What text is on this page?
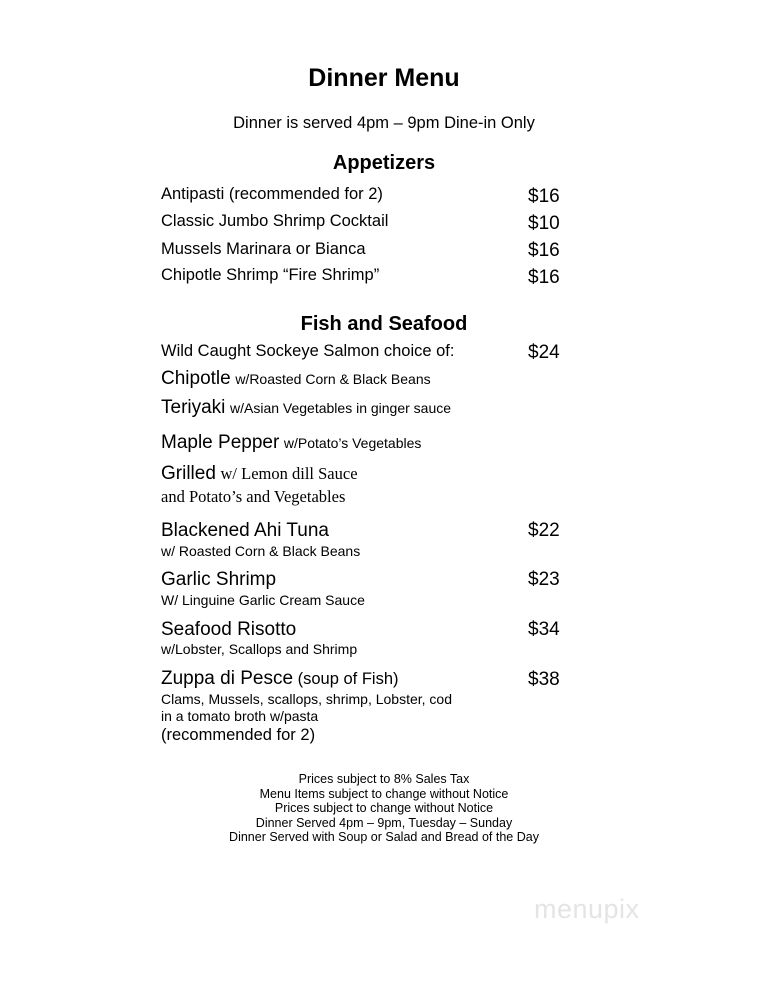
Dinner Menu
Dinner is served 4pm – 9pm Dine-in Only
Appetizers
Antipasti (recommended for 2)	$16
Classic Jumbo Shrimp Cocktail	$10
Mussels Marinara or Bianca	$16
Chipotle Shrimp “Fire Shrimp”	$16
Fish and Seafood
Wild Caught Sockeye Salmon choice of:	$24
Chipotle w/Roasted Corn & Black Beans
Teriyaki w/Asian Vegetables in ginger sauce
Maple Pepper w/Potato’s Vegetables
Grilled w/ Lemon dill Sauce
and Potato’s and Vegetables
Blackened Ahi Tuna	$22
w/ Roasted Corn & Black Beans
Garlic Shrimp	$23
W/ Linguine Garlic Cream Sauce
Seafood Risotto	$34
w/Lobster, Scallops and Shrimp
Zuppa di Pesce (soup of Fish)	$38
Clams, Mussels, scallops, shrimp, Lobster, cod
in a tomato broth w/pasta
(recommended for 2)
Prices subject to 8% Sales Tax
Menu Items subject to change without Notice
Prices subject to change without Notice
Dinner Served 4pm – 9pm, Tuesday – Sunday
Dinner Served with Soup or Salad and Bread of the Day
menupix
